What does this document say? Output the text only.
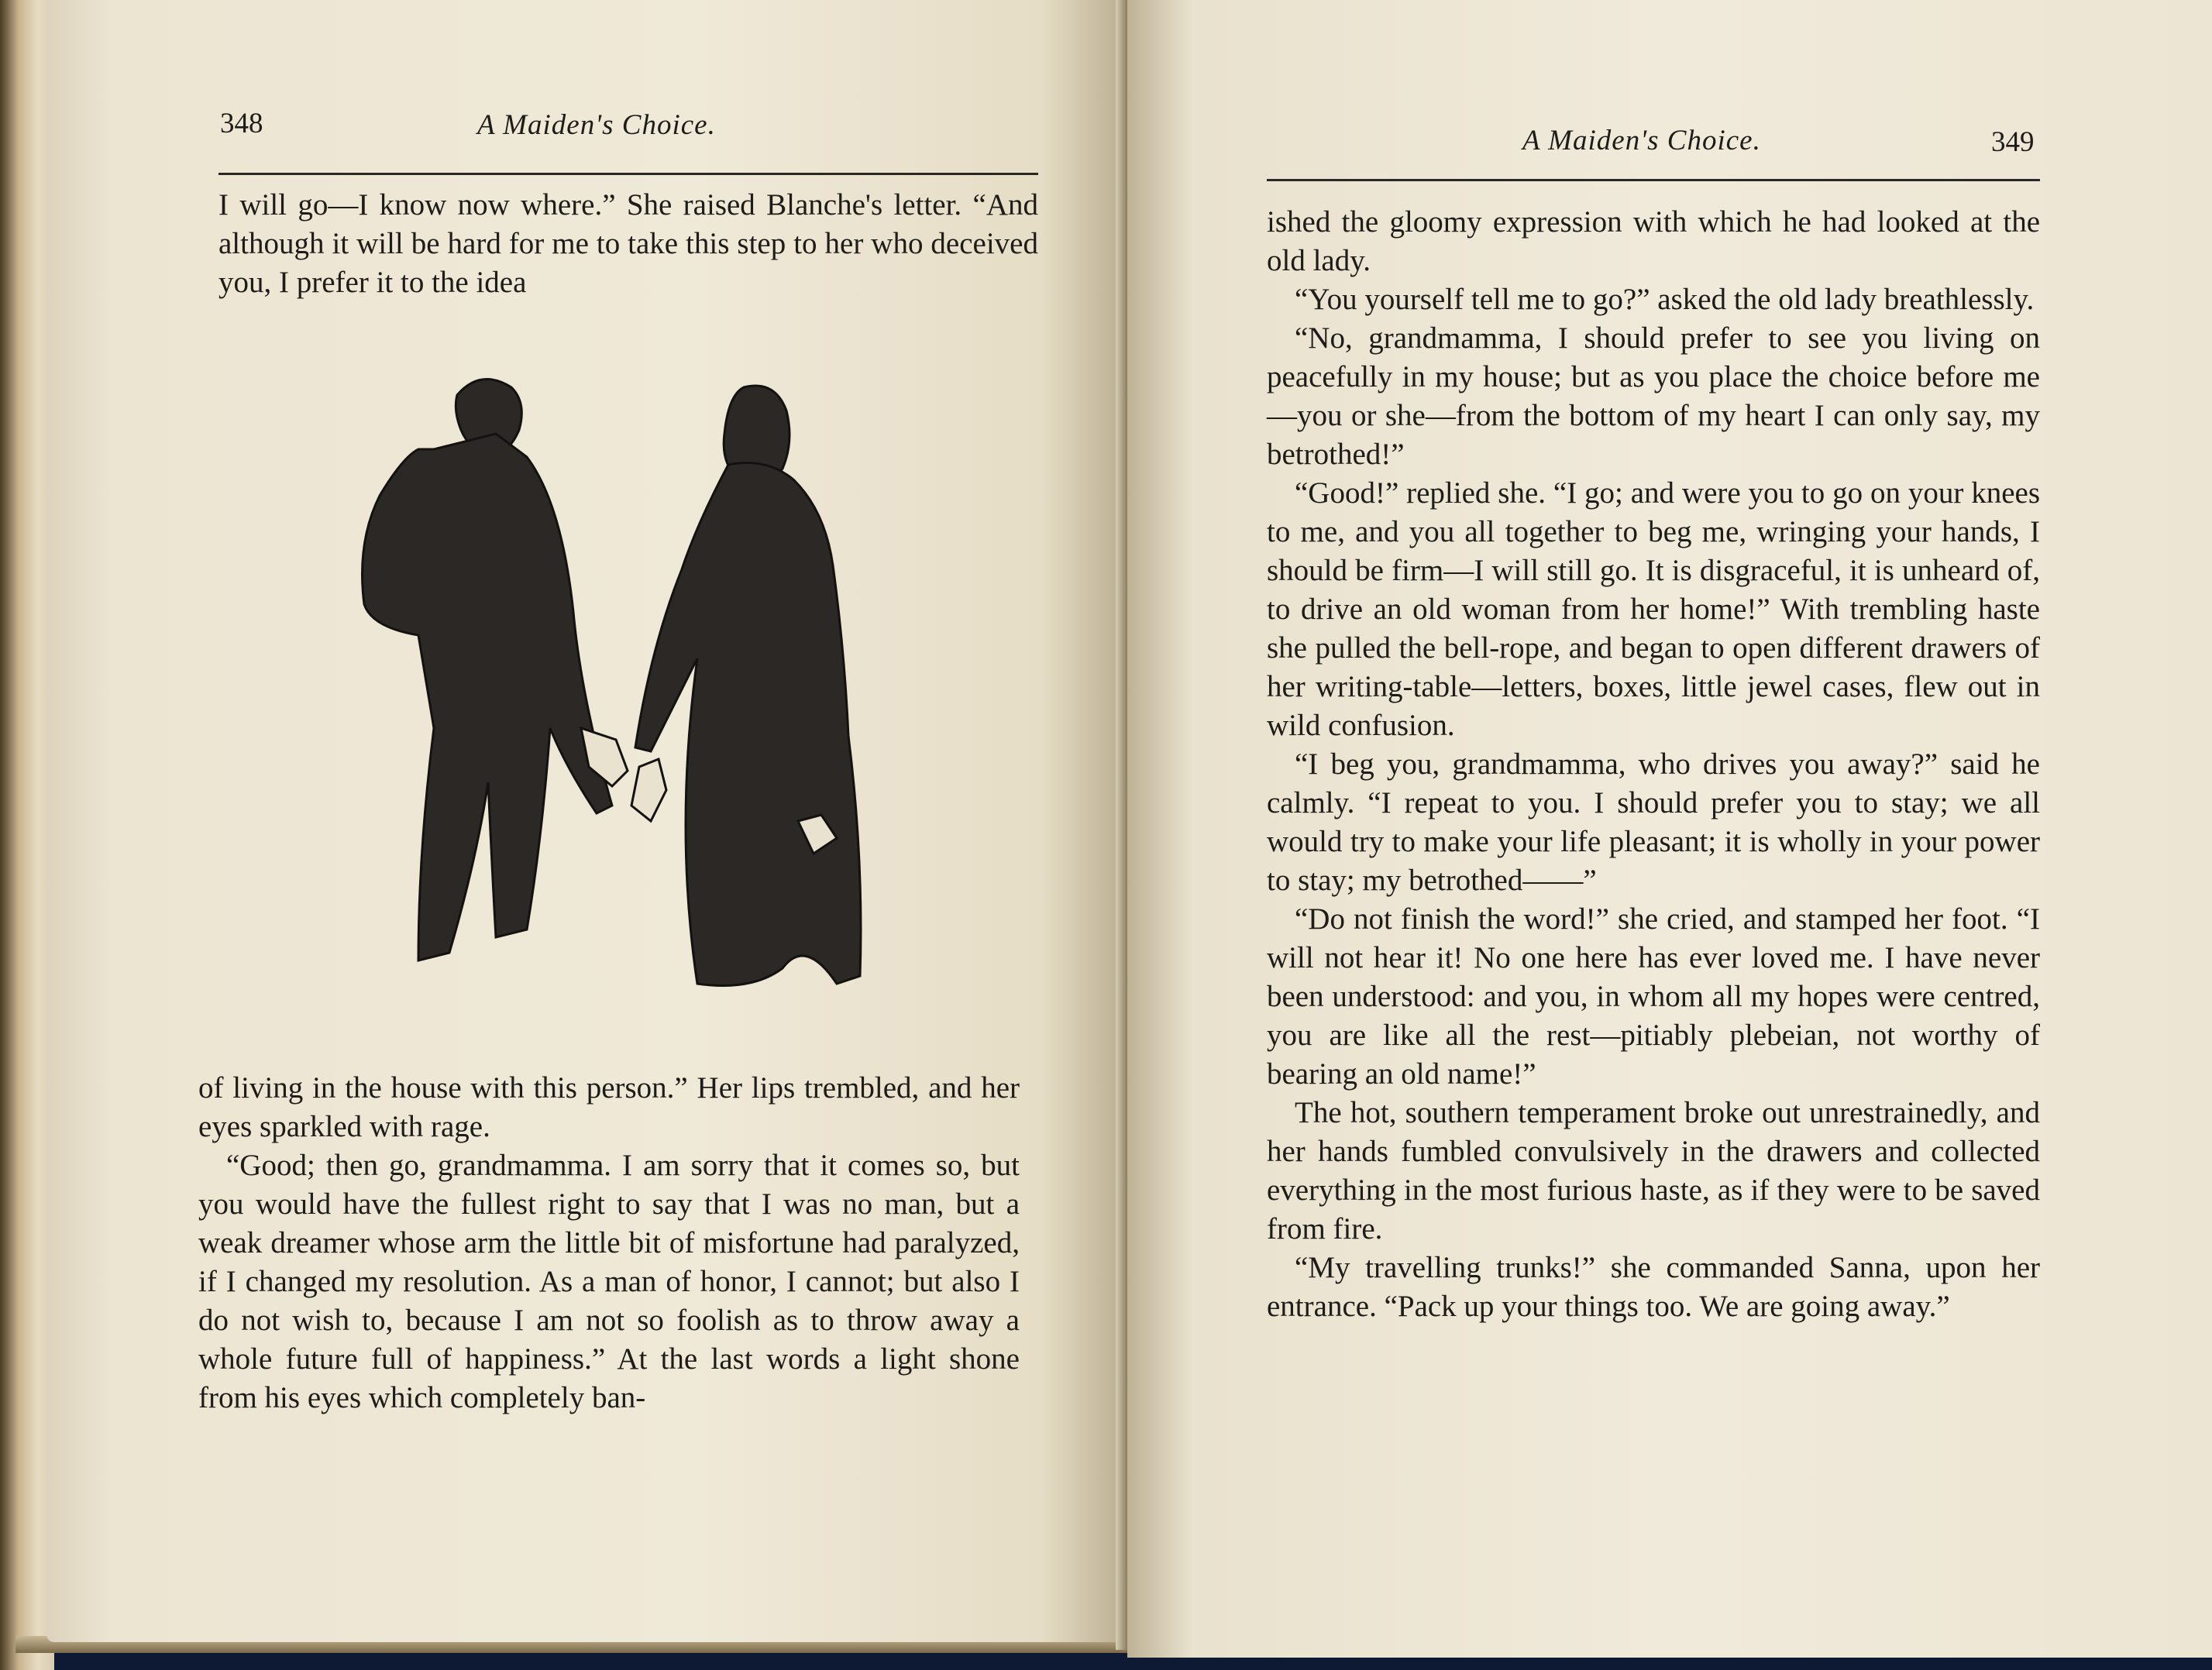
348	A Maiden's Choice.

I will go—I know now where.” She raised Blanche's letter. “And although it will be hard for me to take this step to her who deceived you, I prefer it to the idea

of living in the house with this person.” Her lips trembled, and her eyes sparkled with rage.

“Good; then go, grandmamma. I am sorry that it comes so, but you would have the fullest right to say that I was no man, but a weak dreamer whose arm the little bit of misfortune had paralyzed, if I changed my resolution. As a man of honor, I cannot; but also I do not wish to, because I am not so foolish as to throw away a whole future full of happiness.” At the last words a light shone from his eyes which completely ban-

A Maiden's Choice.	349

ished the gloomy expression with which he had looked at the old lady.

“You yourself tell me to go?” asked the old lady breathlessly.

“No, grandmamma, I should prefer to see you living on peacefully in my house; but as you place the choice before me—you or she—from the bottom of my heart I can only say, my betrothed!”

“Good!” replied she. “I go; and were you to go on your knees to me, and you all together to beg me, wringing your hands, I should be firm—I will still go. It is disgraceful, it is unheard of, to drive an old woman from her home!” With trembling haste she pulled the bell-rope, and began to open different drawers of her writing-table—letters, boxes, little jewel cases, flew out in wild confusion.

“I beg you, grandmamma, who drives you away?” said he calmly. “I repeat to you. I should prefer you to stay; we all would try to make your life pleasant; it is wholly in your power to stay; my betrothed——”

“Do not finish the word!” she cried, and stamped her foot. “I will not hear it! No one here has ever loved me. I have never been understood: and you, in whom all my hopes were centred, you are like all the rest—pitiably plebeian, not worthy of bearing an old name!”

The hot, southern temperament broke out unrestrainedly, and her hands fumbled convulsively in the drawers and collected everything in the most furious haste, as if they were to be saved from fire.

“My travelling trunks!” she commanded Sanna, upon her entrance. “Pack up your things too. We are going away.”
